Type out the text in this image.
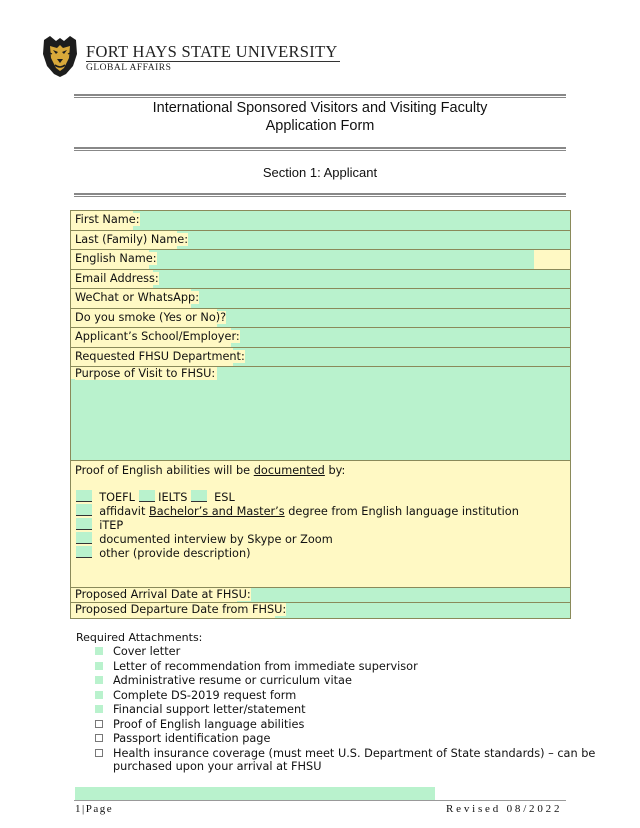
FORT HAYS STATE UNIVERSITY
GLOBAL AFFAIRS
International Sponsored Visitors and Visiting Faculty
Application Form
Section 1: Applicant
First Name:
Last (Family) Name:
English Name:
Email Address:
WeChat or WhatsApp:
Do you smoke (Yes or No)?
Applicant’s School/Employer:
Requested FHSU Department:
Purpose of Visit to FHSU:
Proof of English abilities will be documented by:
TOEFL IELTS ESL
affidavit Bachelor’s and Master’s degree from English language institution
iTEP
documented interview by Skype or Zoom
other (provide description)
Proposed Arrival Date at FHSU:
Proposed Departure Date from FHSU:
Required Attachments:
Cover letter
Letter of recommendation from immediate supervisor
Administrative resume or curriculum vitae
Complete DS-2019 request form
Financial support letter/statement
Proof of English language abilities
Passport identification page
Health insurance coverage (must meet U.S. Department of State standards) – can be
purchased upon your arrival at FHSU
1|Page	Revised 08/2022
